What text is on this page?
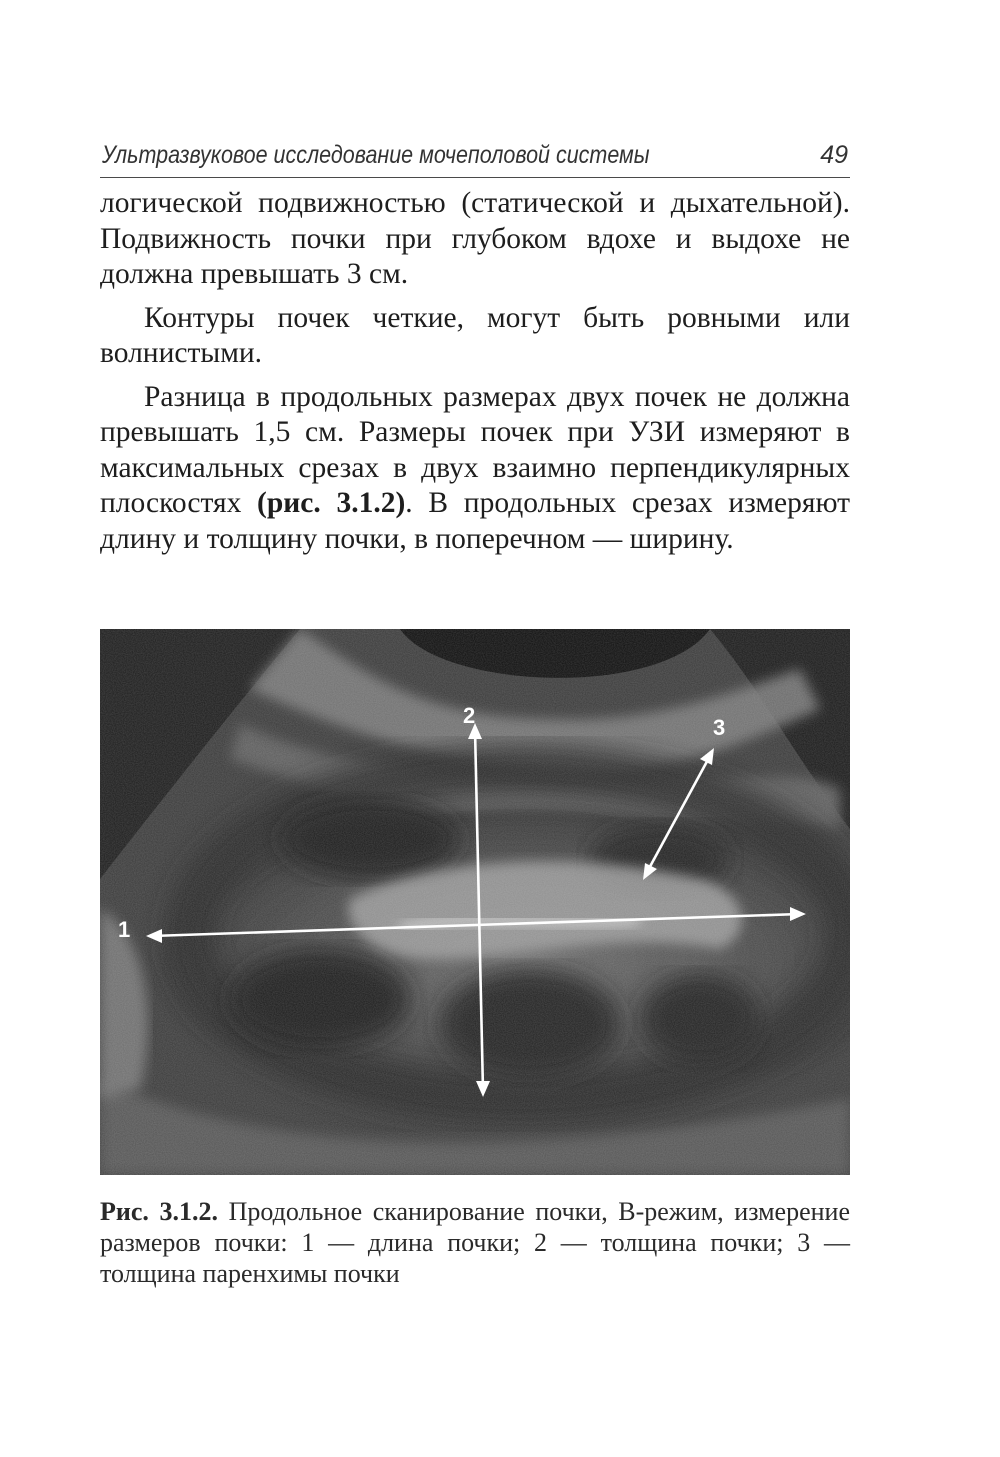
Ультразвуковое исследование мочеполовой системы	49

логической подвижностью (статической и дыхательной). Подвижность почки при глубоком вдохе и выдохе не должна превышать 3 см.

Контуры почек четкие, могут быть ровными или волнистыми.

Разница в продольных размерах двух почек не должна превышать 1,5 см. Размеры почек при УЗИ измеряют в максимальных срезах в двух взаимно перпендикулярных плоскостях (рис. 3.1.2). В продольных срезах измеряют длину и толщину почки, в поперечном — ширину.

1
2	3
Рис. 3.1.2. Продольное сканирование почки, B-режим, измерение размеров почки: 1 — длина почки; 2 — толщина почки; 3 — толщина паренхимы почки
